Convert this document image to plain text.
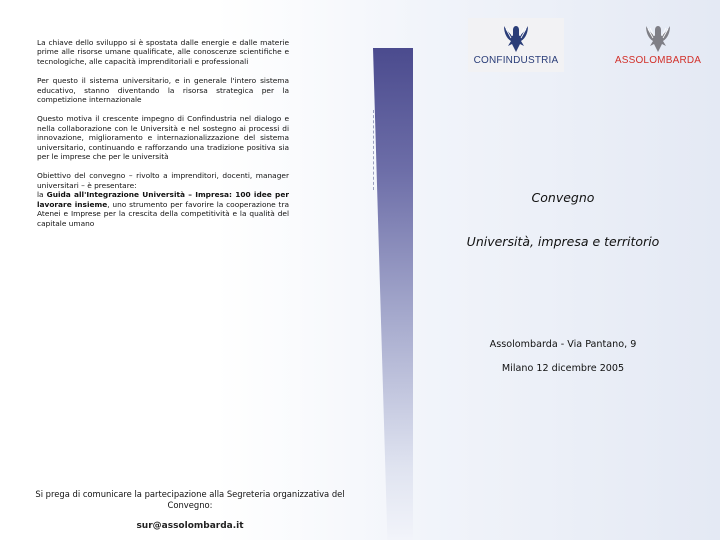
La chiave dello sviluppo si è spostata dalle energie e dalle materie prime alle risorse umane qualificate, alle conoscenze scientifiche e tecnologiche, alle capacità imprenditoriali e professionali

Per questo il sistema universitario, e in generale l'intero sistema educativo, stanno diventando la risorsa strategica per la competizione internazionale

Questo motiva il crescente impegno di Confindustria nel dialogo e nella collaborazione con le Università e nel sostegno ai processi di innovazione, miglioramento e internazionalizzazione del sistema universitario, continuando e rafforzando una tradizione positiva sia per le imprese che per le università

Obiettivo del convegno – rivolto a imprenditori, docenti, manager universitari – è presentare:
la Guida all'Integrazione Università – Impresa: 100 idee per lavorare insieme, uno strumento per favorire la cooperazione tra Atenei e Imprese per la crescita della competitività e la qualità del capitale umano

Si prega di comunicare la partecipazione alla Segreteria organizzativa del Convegno:
sur@assolombarda.it
CONFINDUSTRIA	ASSOLOMBARDA
Convegno
Università, impresa e territorio
Assolombarda - Via Pantano, 9
Milano 12 dicembre 2005
